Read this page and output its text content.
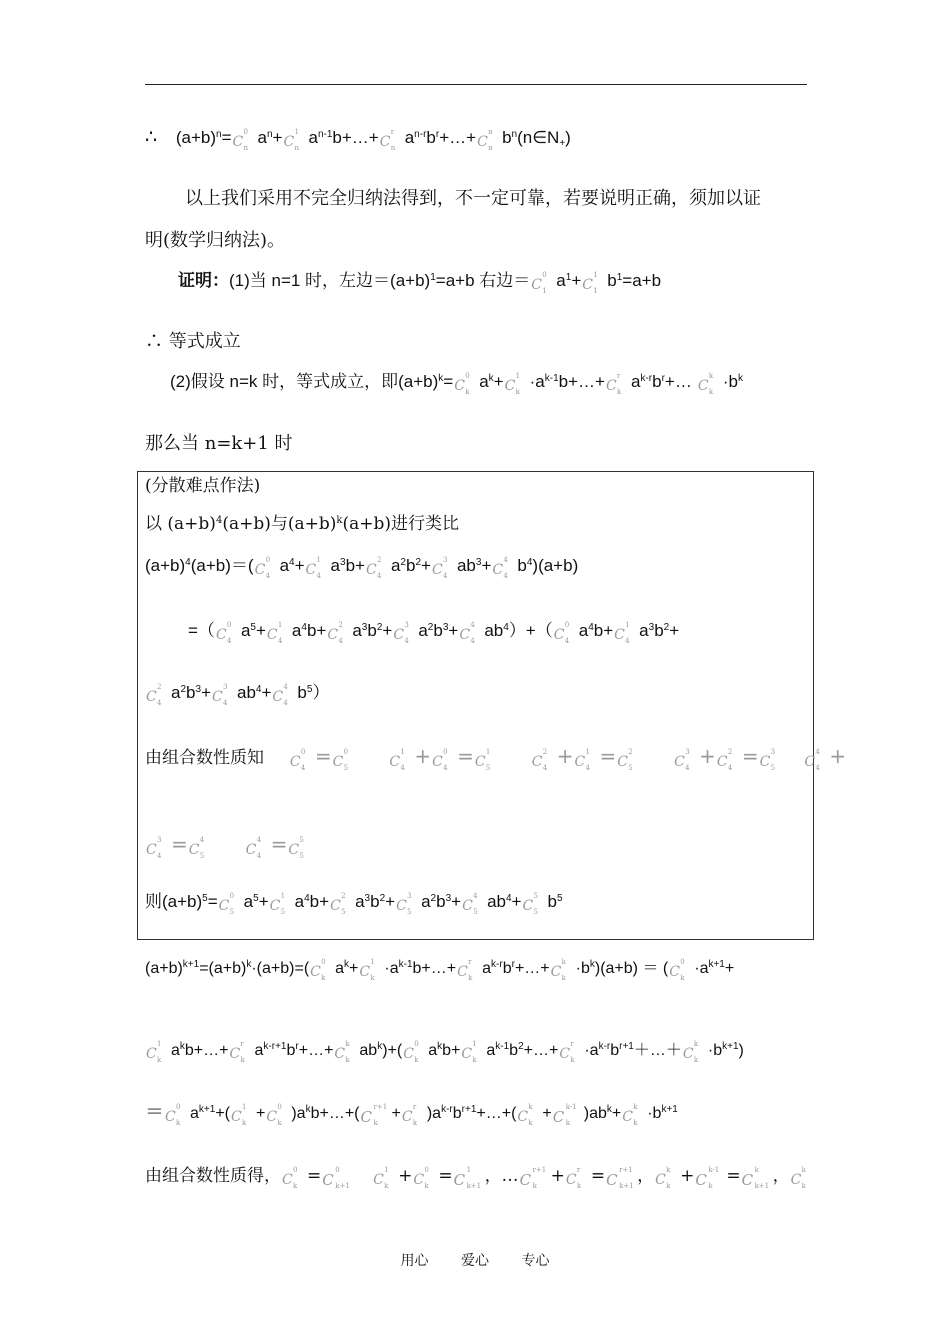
∴ $(a+b)^n= C$
0
n
$a^n+ C$
1
n
$a^{n-1}b+\dots+ C$
r
n
$a^{n-r}b^r+\dots+ C$
n
n
$b^n(n\in N_+)$
以上我们采用不完全归纳法得到，不一定可靠，若要说明正确，须加以证
明(数学归纳法)。
证明：(1)当 n=1 时，左边$=(a+b)^1=a+b$ 右边＝ C
0
1
$a^1+ C$
1
1
$b^1=a+b$
∴ 等式成立
(2)假设 n=k 时，等式成立，即$(a+b)^k= C$
0
k
$a^k+ C$
1
k
$\cdot a^{k-1}b+\dots+ C$
r
k
$a^{k-r}b^r+\dots$ C
k
k
$\cdot b^k$
那么当 n=k+1 时
(分散难点作法)
以 $(a+b)^4(a+b)$与$(a+b)^k(a+b)$进行类比
$(a+b)^4(a+b)=$( C
0
4
$a^4+ C$
1
4
$a^3b+ C$
2
4
$a^2b^2+ C$
3
4
$ab^3+ C$
4
4
$b^4)(a+b)$
=（ C
0
4
$a^5+ C$
1
4
$a^4b+ C$
2
4
$a^3b^2+ C$
3
4
$a^2b^3+ C$
4
4
$ab^4)+$（ C
0
4
$a^4b+ C$
1
4
$a^3b^2+$
C
2
4
$a^2b^3+ C$
3
4
$ab^4+ C$
4
4
$b^5$）
由组合数性质知 C
0
4 = C
0
5
	C
1
4 + C
0
4 = C
1
5
	C
2
4 + C
1
4 = C
2
5
	C
3
4 + C
2
4 = C
3
5
C
4
4 +
C
3
4 = C
4
5
	C
4
4 = C
5
5
则$(a+b)^5= C$
0
5
$a^5+ C$
1
5
$a^4b+ C$
2
5
$a^3b^2+ C$
3
5
$a^2b^3+ C$
4
5
$ab^4+ C$
5
5
$b^5$
$(a+b)^{k+1}=(a+b)^k\cdot(a+b)=$( C
0
k
$a^k+ C$
1
k
$\cdot a^{k-1}b+\dots+ C$
r
k
$a^{k-r}b^r+\dots+ C$
k
k
$\cdot b^k)(a+b)$ ＝ ( C
0
k
$\cdot a^{k+1}+$
C
1
k
$a^kb+\dots+ C$
r
k
$a^{k-r+1}b^r+\dots+ C$
k
k
$ab^k)+$( C
0
k
$a^kb+ C$
1
k
$a^{k-1}b^2+\dots+ C$
r
k
$\cdot a^{k-r}b^{r+1}+\dots+ C$
k
k
$\cdot b^{k+1}$)
＝ C
0
k
$a^{k+1}+$( C
1
k
+ C
0
k
)$a^kb+\dots+$( C
r+1
k
+ C
r
k
)$a^{k-r}b^{r+1}+\dots+$( C
k
k
+ C
k-1
k
)$ab^k+ C$
k
k
$\cdot b^{k+1}$
由组合数性质得， C
0
k = C
0
k+1
C
1
k + C
0
k = C
1
k+1 ，… C
r+1
k + C
r
k = C
r+1
k+1 ， C
k
k + C
k-1
k = C
k
k+1 ， C
k
k
用心 爱心 专心
